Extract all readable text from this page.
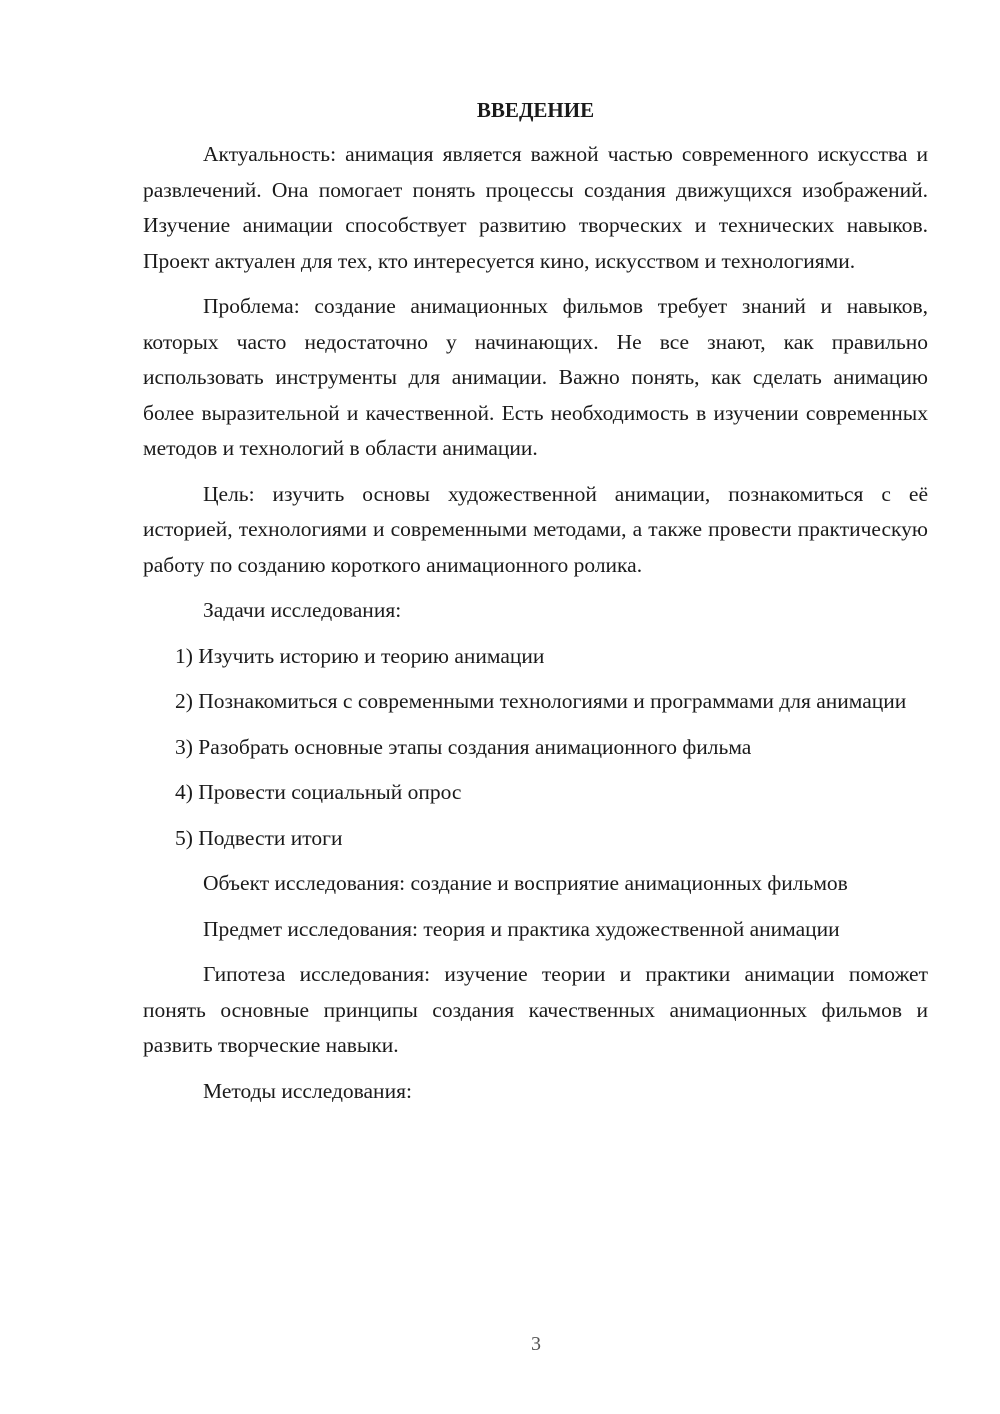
ВВЕДЕНИЕ

Актуальность: анимация является важной частью современного искусства и развлечений. Она помогает понять процессы создания движущихся изображений. Изучение анимации способствует развитию творческих и технических навыков. Проект актуален для тех, кто интересуется кино, искусством и технологиями.

Проблема: создание анимационных фильмов требует знаний и навыков, которых часто недостаточно у начинающих. Не все знают, как правильно использовать инструменты для анимации. Важно понять, как сделать анимацию более выразительной и качественной. Есть необходимость в изучении современных методов и технологий в области анимации.

Цель: изучить основы художественной анимации, познакомиться с её историей, технологиями и современными методами, а также провести практическую работу по созданию короткого анимационного ролика.

Задачи исследования:

1) Изучить историю и теорию анимации

2) Познакомиться с современными технологиями и программами для анимации

3) Разобрать основные этапы создания анимационного фильма

4) Провести социальный опрос

5) Подвести итоги

Объект исследования: создание и восприятие анимационных фильмов

Предмет исследования: теория и практика художественной анимации

Гипотеза исследования: изучение теории и практики анимации поможет понять основные принципы создания качественных анимационных фильмов и развить творческие навыки.

Методы исследования:

3
